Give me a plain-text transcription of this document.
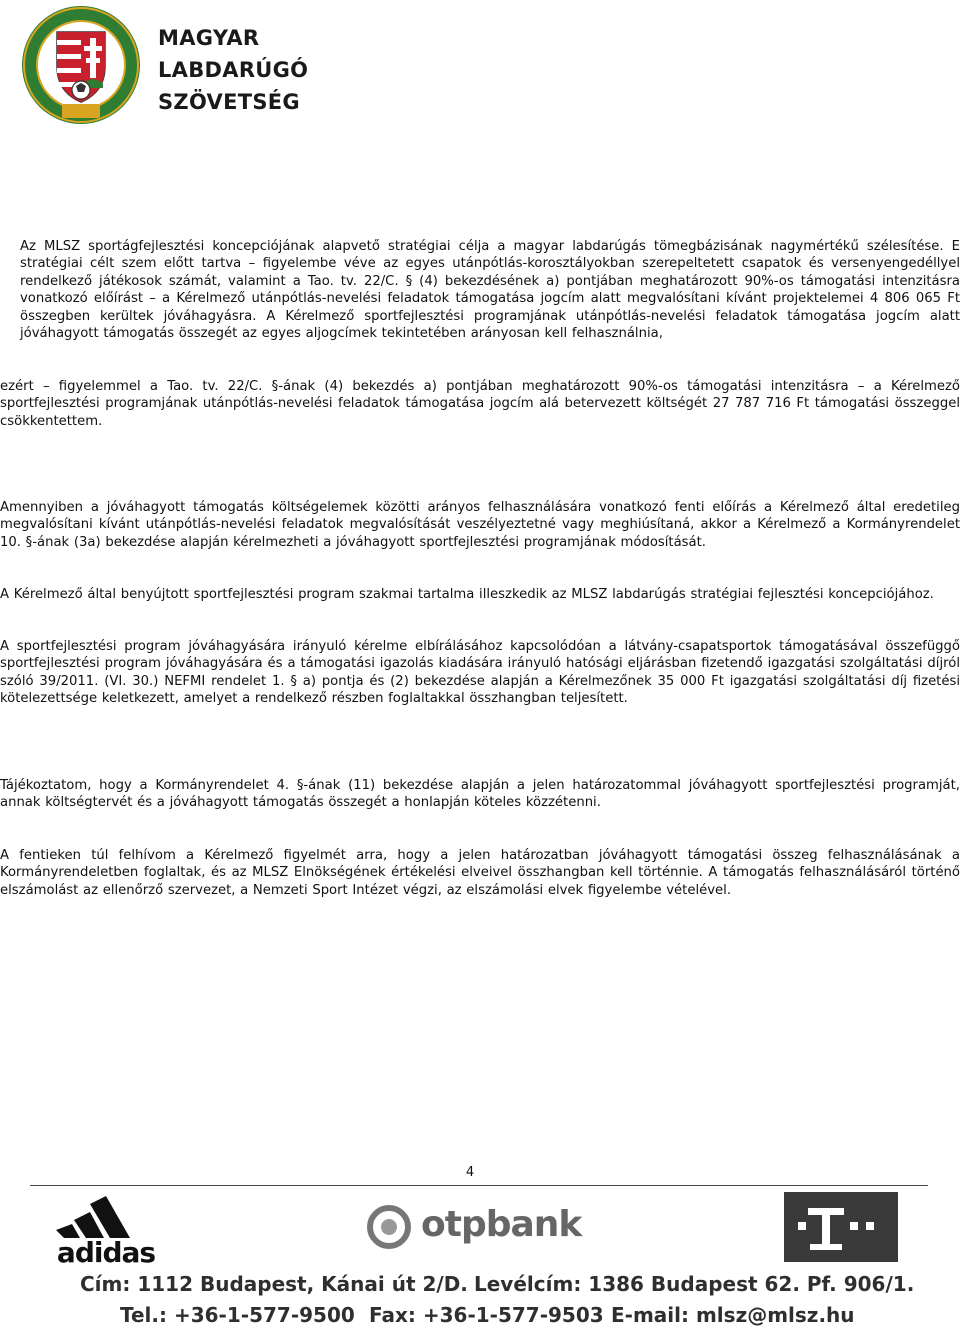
MAGYAR
LABDARÚGÓ
SZÖVETSÉG
Az MLSZ sportágfejlesztési koncepciójának alapvető stratégiai célja a magyar labdarúgás tömegbázisának nagymértékű szélesítése. E stratégiai célt szem előtt tartva – figyelembe véve az egyes utánpótlás-korosztályokban szerepeltetett csapatok és versenyengedéllyel rendelkező játékosok számát, valamint a Tao. tv. 22/C. § (4) bekezdésének a) pontjában meghatározott 90%-os támogatási intenzitásra vonatkozó előírást – a Kérelmező utánpótlás-nevelési feladatok támogatása jogcím alatt megvalósítani kívánt projektelemei 4 806 065 Ft összegben kerültek jóváhagyásra. A Kérelmező sportfejlesztési programjának utánpótlás-nevelési feladatok támogatása jogcím alatt jóváhagyott támogatás összegét az egyes aljogcímek tekintetében arányosan kell felhasználnia,
ezért – figyelemmel a Tao. tv. 22/C. §-ának (4) bekezdés a) pontjában meghatározott 90%-os támogatási intenzitásra – a Kérelmező sportfejlesztési programjának utánpótlás-nevelési feladatok támogatása jogcím alá betervezett költségét 27 787 716 Ft támogatási összeggel csökkentettem.
Amennyiben a jóváhagyott támogatás költségelemek közötti arányos felhasználására vonatkozó fenti előírás a Kérelmező által eredetileg megvalósítani kívánt utánpótlás-nevelési feladatok megvalósítását veszélyeztetné vagy meghiúsítaná, akkor a Kérelmező a Kormányrendelet 10. §-ának (3a) bekezdése alapján kérelmezheti a jóváhagyott sportfejlesztési programjának módosítását.
A Kérelmező által benyújtott sportfejlesztési program szakmai tartalma illeszkedik az MLSZ labdarúgás stratégiai fejlesztési koncepciójához.
A sportfejlesztési program jóváhagyására irányuló kérelme elbírálásához kapcsolódóan a látvány-csapatsportok támogatásával összefüggő sportfejlesztési program jóváhagyására és a támogatási igazolás kiadására irányuló hatósági eljárásban fizetendő igazgatási szolgáltatási díjról szóló 39/2011. (VI. 30.) NEFMI rendelet 1. § a) pontja és (2) bekezdése alapján a Kérelmezőnek 35 000 Ft igazgatási szolgáltatási díj fizetési kötelezettsége keletkezett, amelyet a rendelkező részben foglaltakkal összhangban teljesített.
Tájékoztatom, hogy a Kormányrendelet 4. §-ának (11) bekezdése alapján a jelen határozatommal jóváhagyott sportfejlesztési programját, annak költségtervét és a jóváhagyott támogatás összegét a honlapján köteles közzétenni.
A fentieken túl felhívom a Kérelmező figyelmét arra, hogy a jelen határozatban jóváhagyott támogatási összeg felhasználásának a Kormányrendeletben foglaltak, és az MLSZ Elnökségének értékelési elveivel összhangban kell történnie. A támogatás felhasználásáról történő elszámolást az ellenőrző szervezet, a Nemzeti Sport Intézet végzi, az elszámolási elvek figyelembe vételével.
4
adidas
otpbank
Cím: 1112 Budapest, Kánai út 2/D. Levélcím: 1386 Budapest 62. Pf. 906/1.
Tel.: +36-1-577-9500 Fax: +36-1-577-9503 E-mail: mlsz@mlsz.hu
